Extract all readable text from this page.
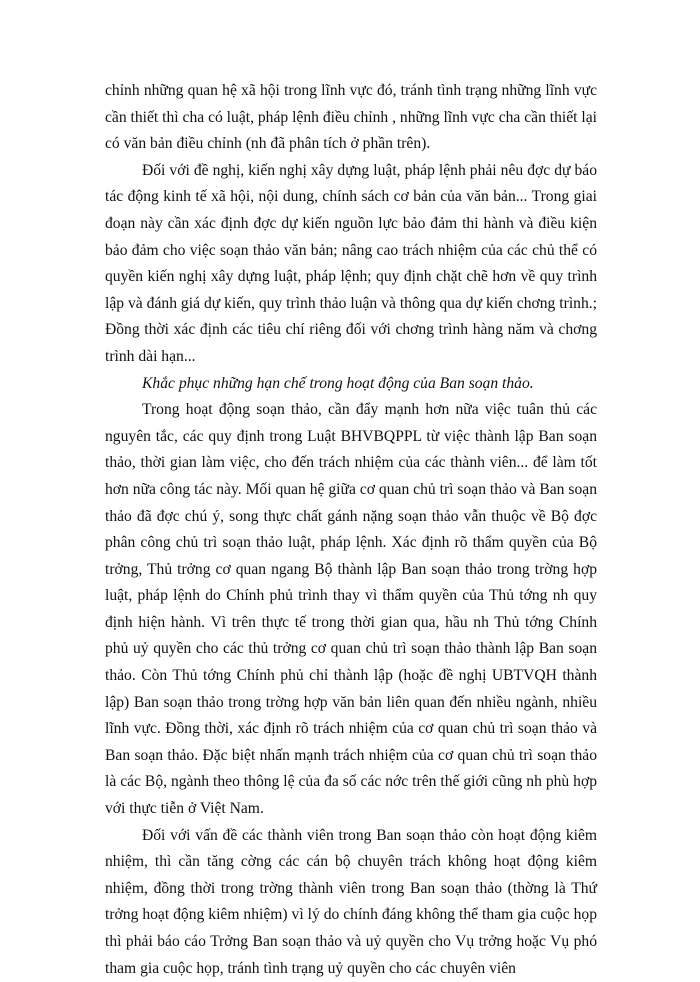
chỉnh những quan hệ xã hội trong lĩnh vực đó, tránh tình trạng những lĩnh vực cần thiết thì cha có luật, pháp lệnh điều chỉnh , những lĩnh vực cha cần thiết lại có văn bản điều chỉnh (nh đã phân tích ở phần trên).

Đối với đề nghị, kiến nghị xây dựng luật, pháp lệnh phải nêu đợc dự báo tác động kinh tế xã hội, nội dung, chính sách cơ bản của văn bản... Trong giai đoạn này cần xác định đợc dự kiến nguồn lực bảo đảm thi hành và điều kiện bảo đảm cho việc soạn thảo văn bản; nâng cao trách nhiệm của các chủ thể có quyền kiến nghị xây dựng luật, pháp lệnh; quy định chặt chẽ hơn về quy trình lập và đánh giá dự kiến, quy trình thảo luận và thông qua dự kiến chơng trình.; Đồng thời xác định các tiêu chí riêng đối với chơng trình hàng năm và chơng trình dài hạn...

Khắc phục những hạn chế trong hoạt động của Ban soạn thảo.

Trong hoạt động soạn thảo, cần đẩy mạnh hơn nữa việc tuân thủ các nguyên tắc, các quy định trong Luật BHVBQPPL từ việc thành lập Ban soạn thảo, thời gian làm việc, cho đến trách nhiệm của các thành viên... để làm tốt hơn nữa công tác này. Mối quan hệ giữa cơ quan chủ trì soạn thảo và Ban soạn thảo đã đợc chú ý, song thực chất gánh nặng soạn thảo vẫn thuộc về Bộ đợc phân công chủ trì soạn thảo luật, pháp lệnh. Xác định rõ thẩm quyền của Bộ trởng, Thủ trởng cơ quan ngang Bộ thành lập Ban soạn thảo trong trờng hợp luật, pháp lệnh do Chính phủ trình thay vì thẩm quyền của Thủ tớng nh quy định hiện hành. Vì trên thực tế trong thời gian qua, hầu nh Thủ tớng Chính phủ uỷ quyền cho các thủ trởng cơ quan chủ trì soạn thảo thành lập Ban soạn thảo. Còn Thủ tớng Chính phủ chỉ thành lập (hoặc đề nghị UBTVQH thành lập) Ban soạn thảo trong trờng hợp văn bản liên quan đến nhiều ngành, nhiều lĩnh vực. Đồng thời, xác định rõ trách nhiệm của cơ quan chủ trì soạn thảo và Ban soạn thảo. Đặc biệt nhấn mạnh trách nhiệm của cơ quan chủ trì soạn thảo là các Bộ, ngành theo thông lệ của đa số các nớc trên thế giới cũng nh phù hợp với thực tiễn ở Việt Nam.

Đối với vấn đề các thành viên trong Ban soạn thảo còn hoạt động kiêm nhiệm, thì cần tăng cờng các cán bộ chuyên trách không hoạt động kiêm nhiệm, đồng thời trong trờng thành viên trong Ban soạn thảo (thờng là Thứ trởng hoạt động kiêm nhiệm) vì lý do chính đáng không thể tham gia cuộc họp thì phải báo cáo Trởng Ban soạn thảo và uỷ quyền cho Vụ trởng hoặc Vụ phó tham gia cuộc họp, tránh tình trạng uỷ quyền cho các chuyên viên
